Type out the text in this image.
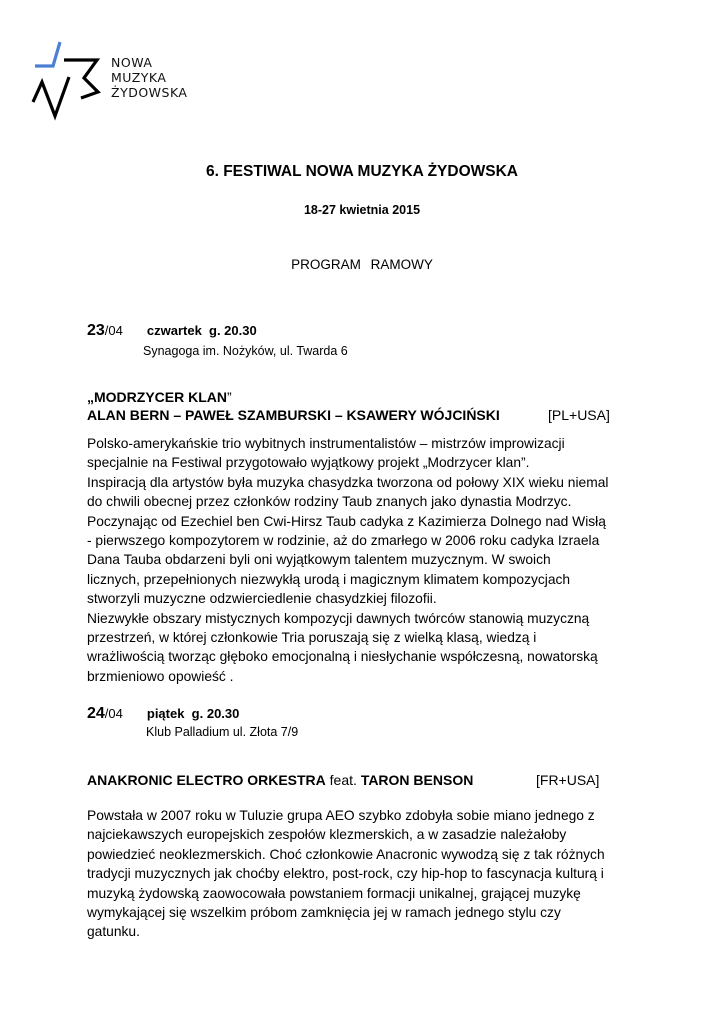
NOWA
MUZYKA
ŻYDOWSKA
6. FESTIWAL NOWA MUZYKA ŻYDOWSKA
18-27 kwietnia 2015
PROGRAM RAMOWY
23/04 czwartek  g. 20.30
Synagoga im. Nożyków, ul. Twarda 6
„MODRZYCER KLAN”
ALAN BERN – PAWEŁ SZAMBURSKI – KSAWERY WÓJCIŃSKI	[PL+USA]
Polsko-amerykańskie trio wybitnych instrumentalistów – mistrzów improwizacji
specjalnie na Festiwal przygotowało wyjątkowy projekt „Modrzycer klan”.
Inspiracją dla artystów była muzyka chasydzka tworzona od połowy XIX wieku niemal
do chwili obecnej przez członków rodziny Taub znanych jako dynastia Modrzyc.
Poczynając od Ezechiel ben Cwi-Hirsz Taub cadyka z Kazimierza Dolnego nad Wisłą
- pierwszego kompozytorem w rodzinie, aż do zmarłego w 2006 roku cadyka Izraela
Dana Tauba obdarzeni byli oni wyjątkowym talentem muzycznym. W swoich
licznych, przepełnionych niezwykłą urodą i magicznym klimatem kompozycjach
stworzyli muzyczne odzwierciedlenie chasydzkiej filozofii.
Niezwykłe obszary mistycznych kompozycji dawnych twórców stanowią muzyczną
przestrzeń, w której członkowie Tria poruszają się z wielką klasą, wiedzą i
wrażliwością tworząc głęboko emocjonalną i niesłychanie współczesną, nowatorską
brzmieniowo opowieść .
24/04 piątek  g. 20.30
Klub Palladium ul. Złota 7/9
ANAKRONIC ELECTRO ORKESTRA feat. TARON BENSON	[FR+USA]
Powstała w 2007 roku w Tuluzie grupa AEO szybko zdobyła sobie miano jednego z
najciekawszych europejskich zespołów klezmerskich, a w zasadzie należałoby
powiedzieć neoklezmerskich. Choć członkowie Anacronic wywodzą się z tak różnych
tradycji muzycznych jak choćby elektro, post-rock, czy hip-hop to fascynacja kulturą i
muzyką żydowską zaowocowała powstaniem formacji unikalnej, grającej muzykę
wymykającej się wszelkim próbom zamknięcia jej w ramach jednego stylu czy
gatunku.
